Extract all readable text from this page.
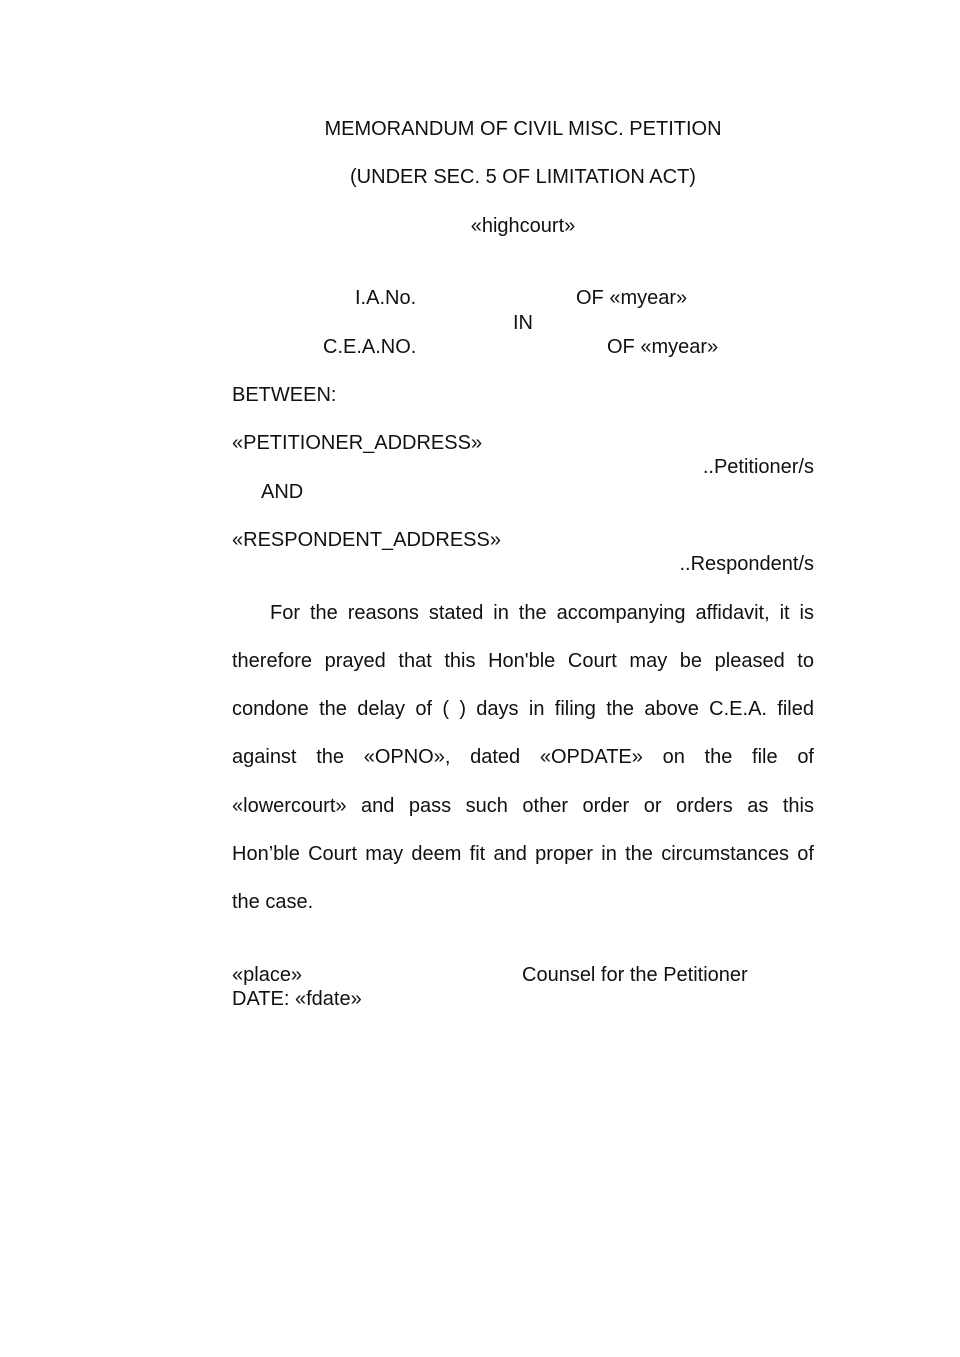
MEMORANDUM OF CIVIL MISC. PETITION
(UNDER SEC. 5 OF LIMITATION ACT)
«highcourt»
I.A.No.	OF «myear»
IN
C.E.A.NO.	OF «myear»
BETWEEN:
«PETITIONER_ADDRESS»
..Petitioner/s
AND
«RESPONDENT_ADDRESS»
..Respondent/s
For the reasons stated in the accompanying affidavit, it is
therefore prayed that this Hon'ble Court may be pleased to
condone the delay of ( ) days in filing the above C.E.A. filed
against the «OPNO», dated «OPDATE» on the file of
«lowercourt» and pass such other order or orders as this
Hon’ble Court may deem fit and proper in the circumstances of
the case.
«place»	Counsel for the Petitioner
DATE: «fdate»
